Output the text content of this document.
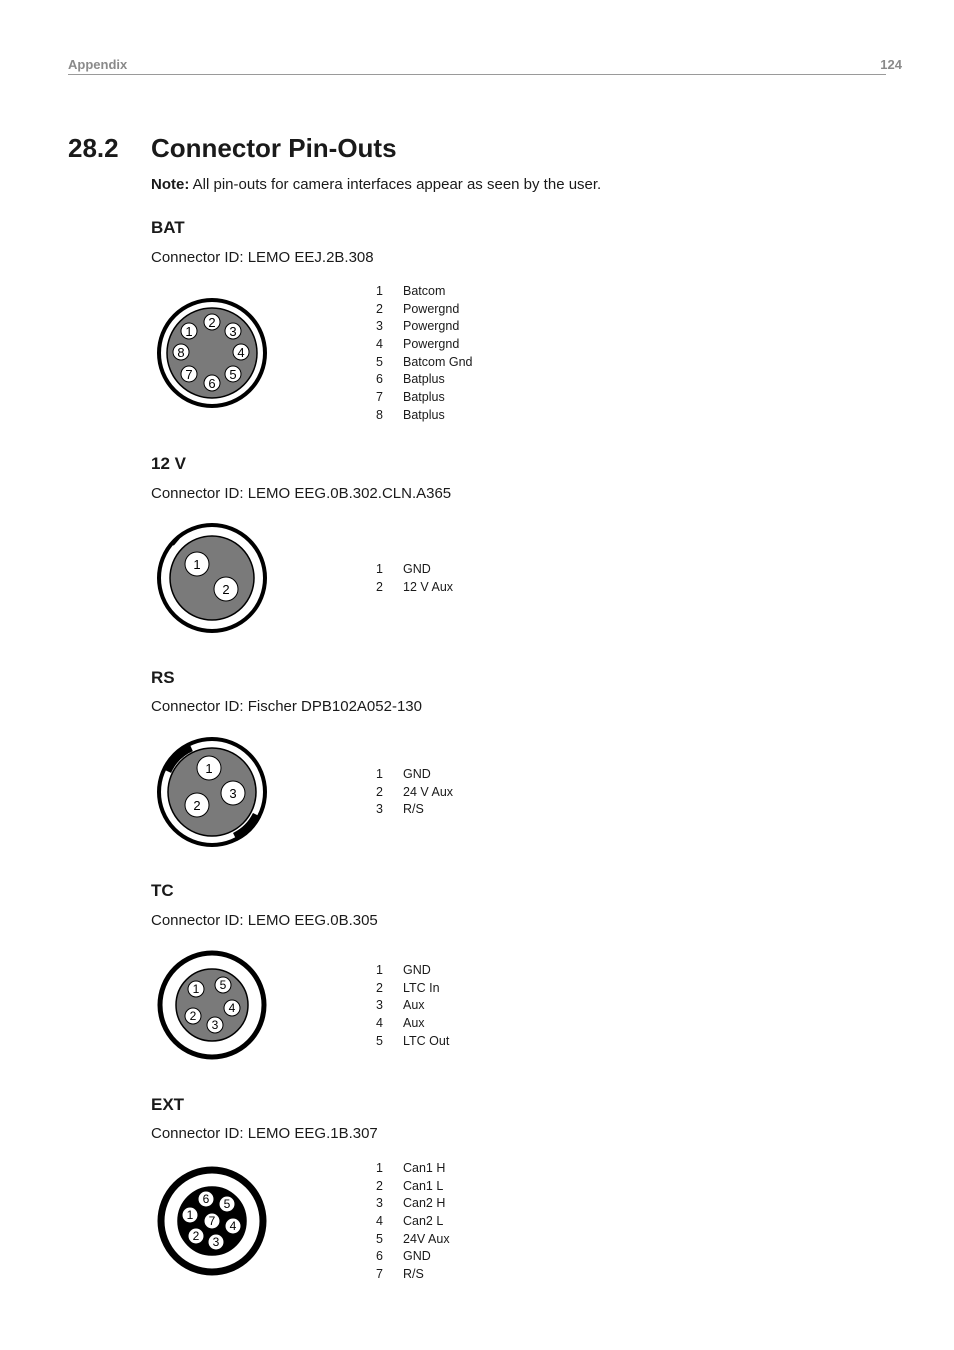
Appendix	124
28.2 Connector Pin-Outs
Note: All pin-outs for camera interfaces appear as seen by the user.
BAT
Connector ID: LEMO EEJ.2B.308
1
2
3
4
5
6
7
8
1	Batcom
2	Powergnd
3	Powergnd
4	Powergnd
5	Batcom Gnd
6	Batplus
7	Batplus
8	Batplus
12 V
Connector ID: LEMO EEG.0B.302.CLN.A365
1
2
1	GND
2	12 V Aux
RS
Connector ID: Fischer DPB102A052-130
1
2
3
1	GND
2	24 V Aux
3	R/S
TC
Connector ID: LEMO EEG.0B.305
1
2
3
4
5
1	GND
2	LTC In
3	Aux
4	Aux
5	LTC Out
EXT
Connector ID: LEMO EEG.1B.307
1
2 3
4
5
6
7
1	Can1 H
2	Can1 L
3	Can2 H
4	Can2 L
5	24V Aux
6	GND
7	R/S
